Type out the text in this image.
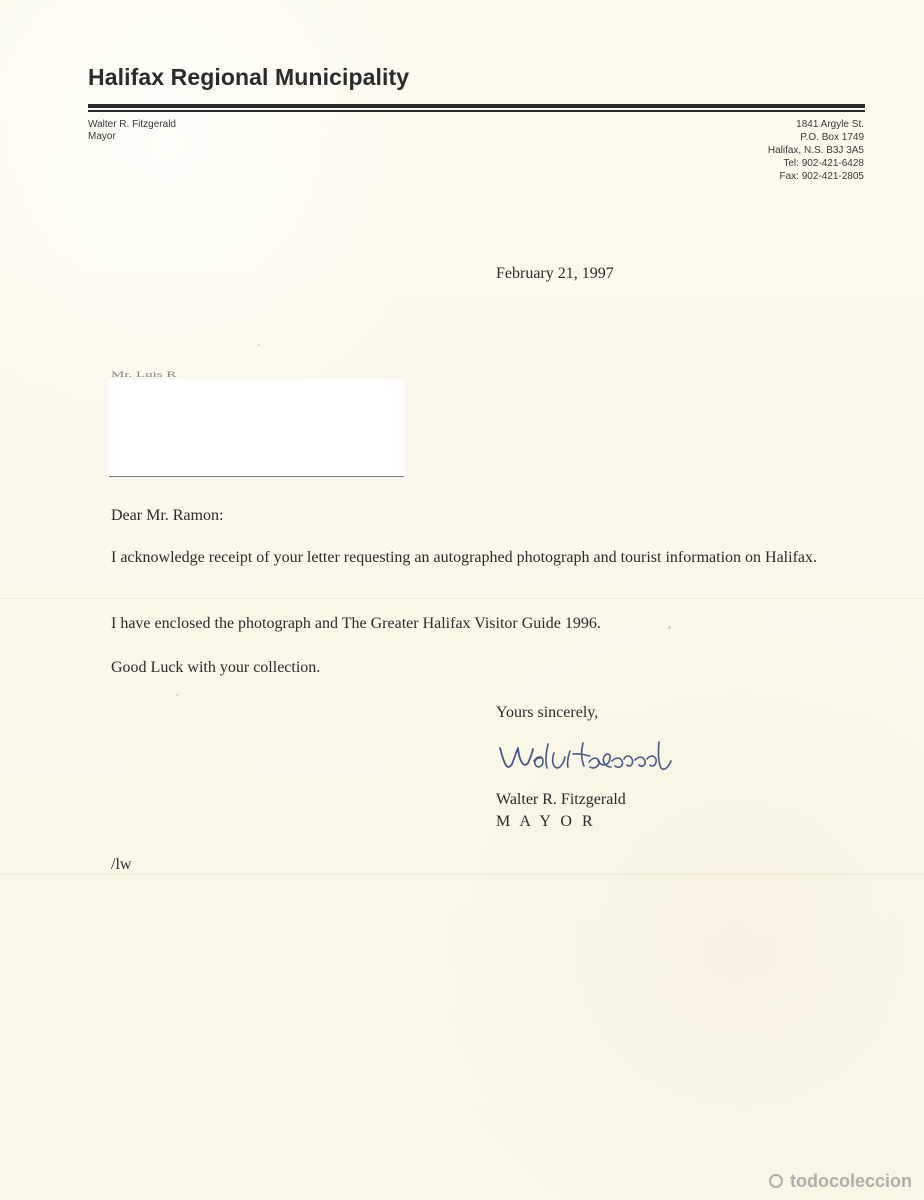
Halifax Regional Municipality
Walter R. Fitzgerald
Mayor
1841 Argyle St.
P.O. Box 1749
Halifax, N.S. B3J 3A5
Tel: 902-421-6428
Fax: 902-421-2805
February 21, 1997
Mr. Luis R
Dear Mr. Ramon:
I acknowledge receipt of your letter requesting an autographed photograph and tourist information on Halifax.
I have enclosed the photograph and The Greater Halifax Visitor Guide 1996.
Good Luck with your collection.
Yours sincerely,
Walter R. Fitzgerald
M A Y O R
/lw
todocoleccion
